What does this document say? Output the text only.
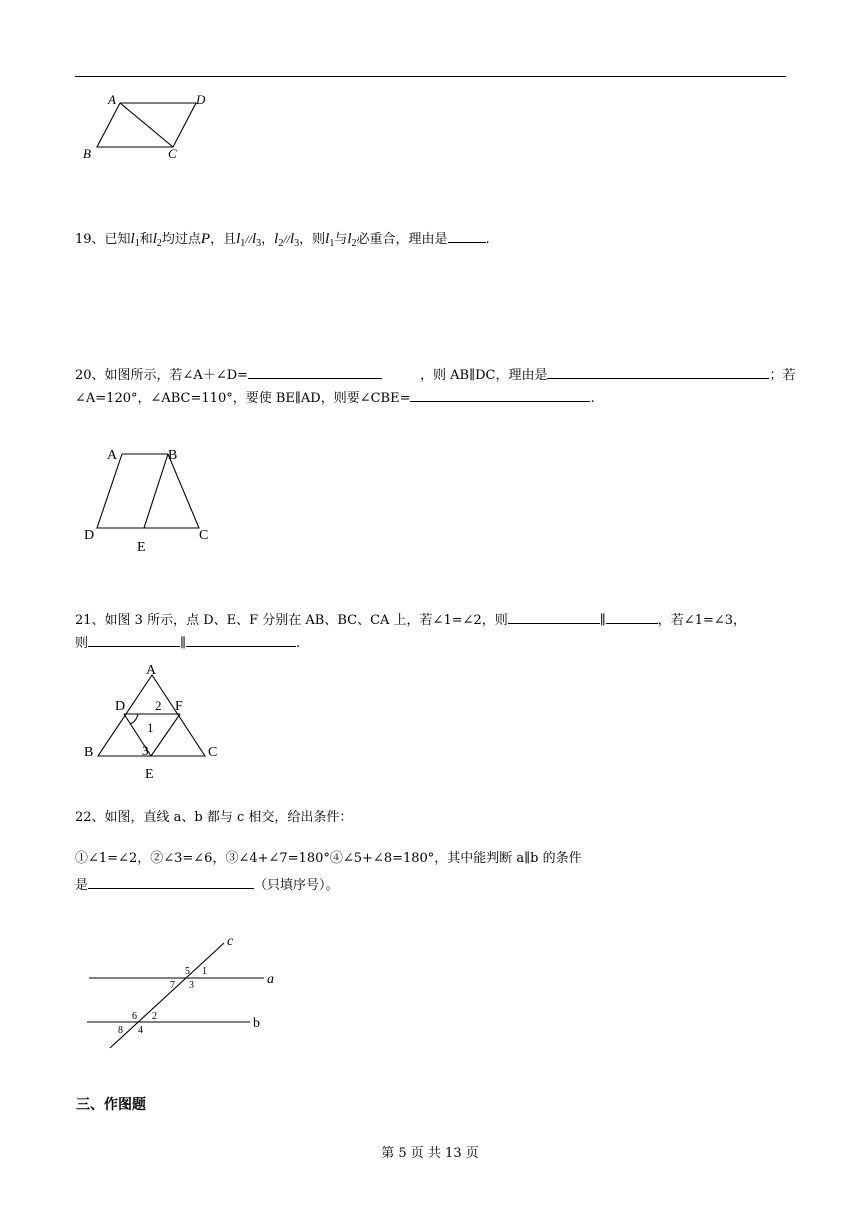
A	D
B	C
19、已知$l_1$和$l_2$均过点P，且$l_1//l_3$，$l_2//l_3$，则$l_1$与$l_2$必重合，理由是	.
20、如图所示，若∠A＋∠D=	，则 AB∥DC，理由是	；若
∠A=120°，∠ABC=110°，要使 BE∥AD，则要∠CBE=	.
A	B
D	C
E
21、如图 3 所示，点 D、E、F 分别在 AB、BC、CA 上，若∠1=∠2，则	∥	，若∠1=∠3，
则	∥	.
A
D 2 F
1
3
B	C
E
22、如图，直线 a、b 都与 c 相交，给出条件：
①∠1=∠2，②∠3=∠6，③∠4+∠7=180°④∠5+∠8=180°，其中能判断 a∥b 的条件
是	（只填序号）。
c
a
b
5 1
7 3
6 2
8 4
三、作图题
第 5 页 共 13 页
